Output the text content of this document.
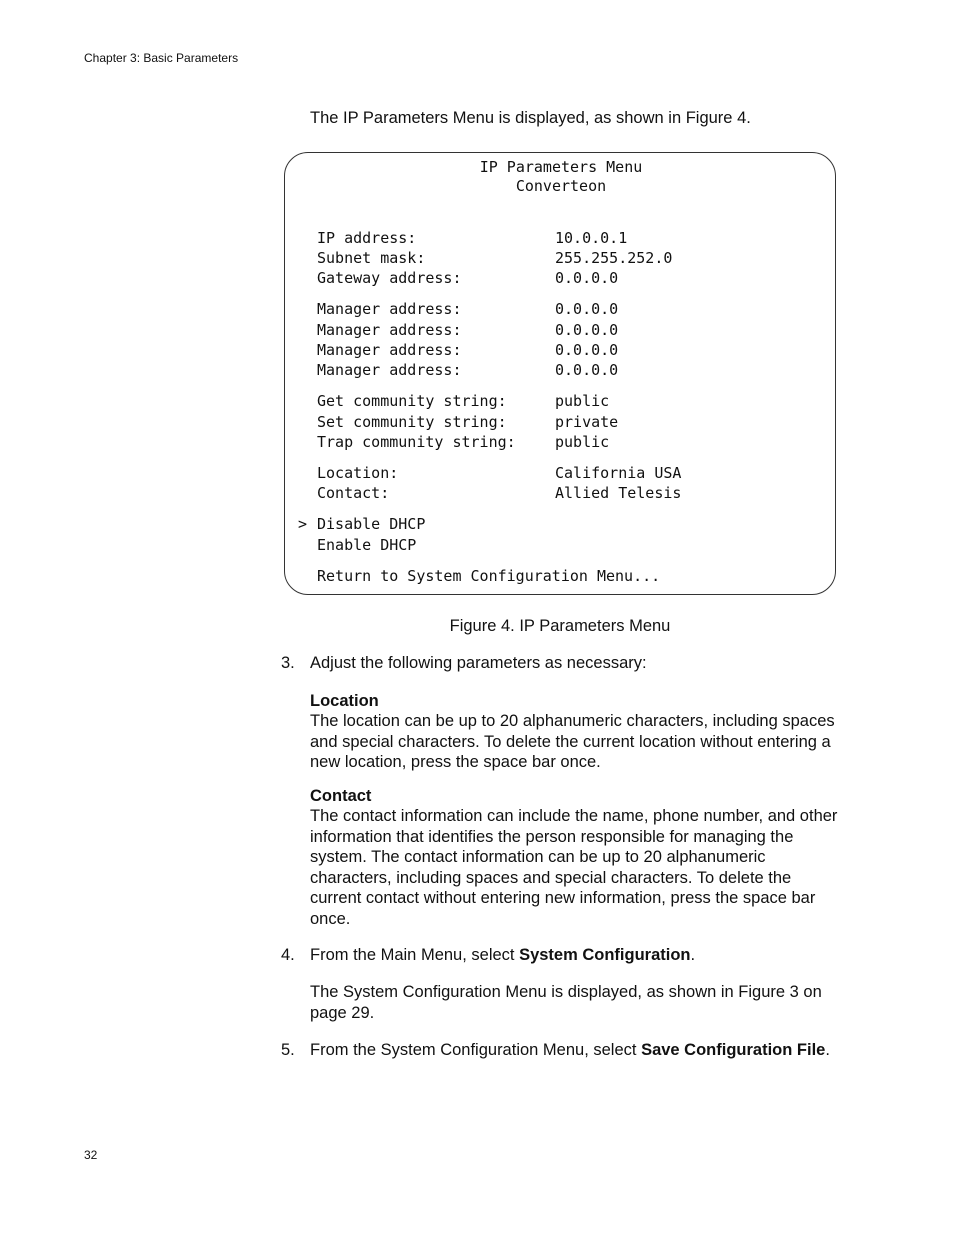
Chapter 3: Basic Parameters
The IP Parameters Menu is displayed, as shown in Figure 4.
IP Parameters Menu
Converteon
IP address:	10.0.0.1
Subnet mask:	255.255.252.0
Gateway address:	0.0.0.0
Manager address:	0.0.0.0
Manager address:	0.0.0.0
Manager address:	0.0.0.0
Manager address:	0.0.0.0
Get community string:	public
Set community string:	private
Trap community string:	public
Location:	California USA
Contact:	Allied Telesis
> Disable DHCP
Enable DHCP
Return to System Configuration Menu...
Figure 4. IP Parameters Menu
3. Adjust the following parameters as necessary:
Location
The location can be up to 20 alphanumeric characters, including spaces and special characters. To delete the current location without entering a new location, press the space bar once.
Contact
The contact information can include the name, phone number, and other information that identifies the person responsible for managing the system. The contact information can be up to 20 alphanumeric characters, including spaces and special characters. To delete the current contact without entering new information, press the space bar once.
4. From the Main Menu, select System Configuration.
The System Configuration Menu is displayed, as shown in Figure 3 on page 29.
5. From the System Configuration Menu, select Save Configuration File.
32
